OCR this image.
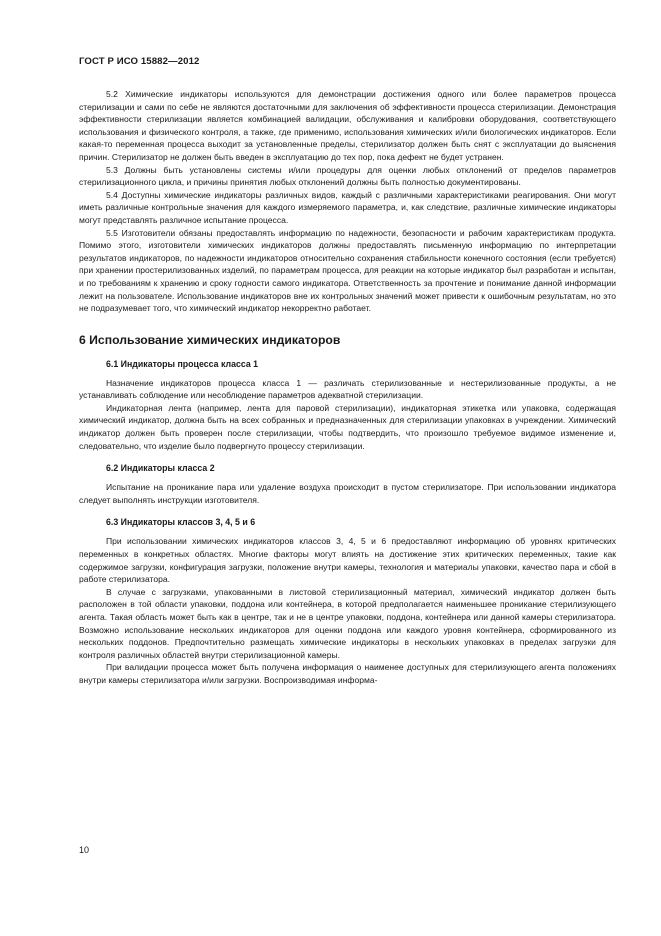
ГОСТ Р ИСО 15882—2012

5.2 Химические индикаторы используются для демонстрации достижения одного или более параметров процесса стерилизации и сами по себе не являются достаточными для заключения об эффективности процесса стерилизации. Демонстрация эффективности стерилизации является комбинацией валидации, обслуживания и калибровки оборудования, соответствующего использования и физического контроля, а также, где применимо, использования химических и/или биологических индикаторов. Если какая-то переменная процесса выходит за установленные пределы, стерилизатор должен быть снят с эксплуатации до выяснения причин. Стерилизатор не должен быть введен в эксплуатацию до тех пор, пока дефект не будет устранен.

5.3 Должны быть установлены системы и/или процедуры для оценки любых отклонений от пределов параметров стерилизационного цикла, и причины принятия любых отклонений должны быть полностью документированы.

5.4 Доступны химические индикаторы различных видов, каждый с различными характеристиками реагирования. Они могут иметь различные контрольные значения для каждого измеряемого параметра, и, как следствие, различные химические индикаторы могут представлять различное испытание процесса.

5.5 Изготовители обязаны предоставлять информацию по надежности, безопасности и рабочим характеристикам продукта. Помимо этого, изготовители химических индикаторов должны предоставлять письменную информацию по интерпретации результатов индикаторов, по надежности индикаторов относительно сохранения стабильности конечного состояния (если требуется) при хранении простерилизованных изделий, по параметрам процесса, для реакции на которые индикатор был разработан и испытан, и по требованиям к хранению и сроку годности самого индикатора. Ответственность за прочтение и понимание данной информации лежит на пользователе. Использование индикаторов вне их контрольных значений может привести к ошибочным результатам, но это не подразумевает того, что химический индикатор некорректно работает.

6 Использование химических индикаторов
6.1 Индикаторы процесса класса 1

Назначение индикаторов процесса класса 1 — различать стерилизованные и нестерилизованные продукты, а не устанавливать соблюдение или несоблюдение параметров адекватной стерилизации.

Индикаторная лента (например, лента для паровой стерилизации), индикаторная этикетка или упаковка, содержащая химический индикатор, должна быть на всех собранных и предназначенных для стерилизации упаковках в учреждении. Химический индикатор должен быть проверен после стерилизации, чтобы подтвердить, что произошло требуемое видимое изменение и, следовательно, что изделие было подвергнуто процессу стерилизации.

6.2 Индикаторы класса 2

Испытание на проникание пара или удаление воздуха происходит в пустом стерилизаторе. При использовании индикатора следует выполнять инструкции изготовителя.

6.3 Индикаторы классов 3, 4, 5 и 6

При использовании химических индикаторов классов 3, 4, 5 и 6 предоставляют информацию об уровнях критических переменных в конкретных областях. Многие факторы могут влиять на достижение этих критических переменных, такие как содержимое загрузки, конфигурация загрузки, положение внутри камеры, технология и материалы упаковки, качество пара и сбой в работе стерилизатора.

В случае с загрузками, упакованными в листовой стерилизационный материал, химический индикатор должен быть расположен в той области упаковки, поддона или контейнера, в которой предполагается наименьшее проникание стерилизующего агента. Такая область может быть как в центре, так и не в центре упаковки, поддона, контейнера или данной камеры стерилизатора. Возможно использование нескольких индикаторов для оценки поддона или каждого уровня контейнера, сформированного из нескольких поддонов. Предпочтительно размещать химические индикаторы в нескольких упаковках в пределах загрузки для контроля различных областей внутри стерилизационной камеры.

При валидации процесса может быть получена информация о наименее доступных для стерилизующего агента положениях внутри камеры стерилизатора и/или загрузки. Воспроизводимая информа-

10
